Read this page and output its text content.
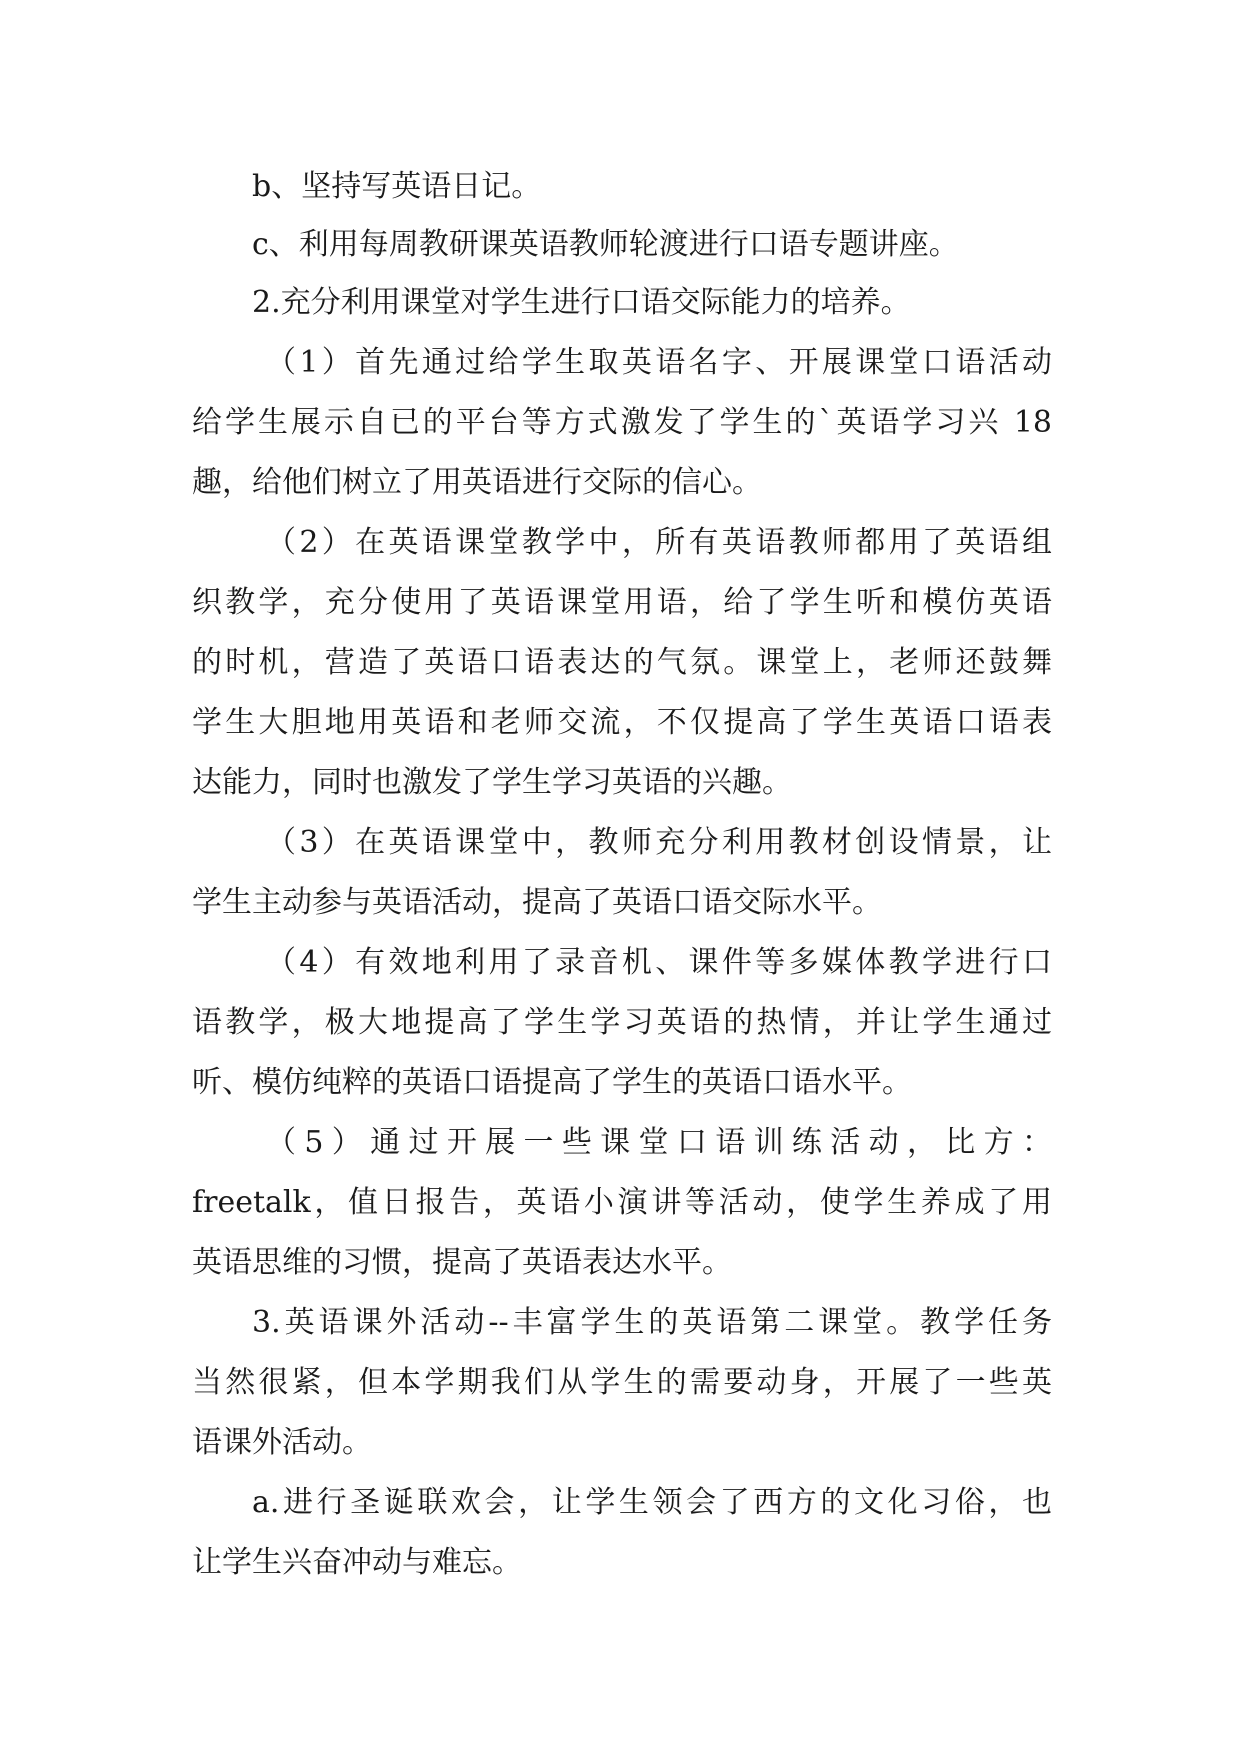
b、坚持写英语日记。
c、利用每周教研课英语教师轮渡进行口语专题讲座。
2.充分利用课堂对学生进行口语交际能力的培养。
（1）首先通过给学生取英语名字、开展课堂口语活动
给学生展示自已的平台等方式激发了学生的`英语学习兴 18
趣，给他们树立了用英语进行交际的信心。
（2）在英语课堂教学中，所有英语教师都用了英语组
织教学，充分使用了英语课堂用语，给了学生听和模仿英语
的时机，营造了英语口语表达的气氛。课堂上，老师还鼓舞
学生大胆地用英语和老师交流，不仅提高了学生英语口语表
达能力，同时也激发了学生学习英语的兴趣。
（3）在英语课堂中，教师充分利用教材创设情景，让
学生主动参与英语活动，提高了英语口语交际水平。
（4）有效地利用了录音机、课件等多媒体教学进行口
语教学，极大地提高了学生学习英语的热情，并让学生通过
听、模仿纯粹的英语口语提高了学生的英语口语水平。
（5）通过开展一些课堂口语训练活动，比方：
freetalk，值日报告，英语小演讲等活动，使学生养成了用
英语思维的习惯，提高了英语表达水平。
3.英语课外活动--丰富学生的英语第二课堂。教学任务
当然很紧，但本学期我们从学生的需要动身，开展了一些英
语课外活动。
a.进行圣诞联欢会，让学生领会了西方的文化习俗，也
让学生兴奋冲动与难忘。
